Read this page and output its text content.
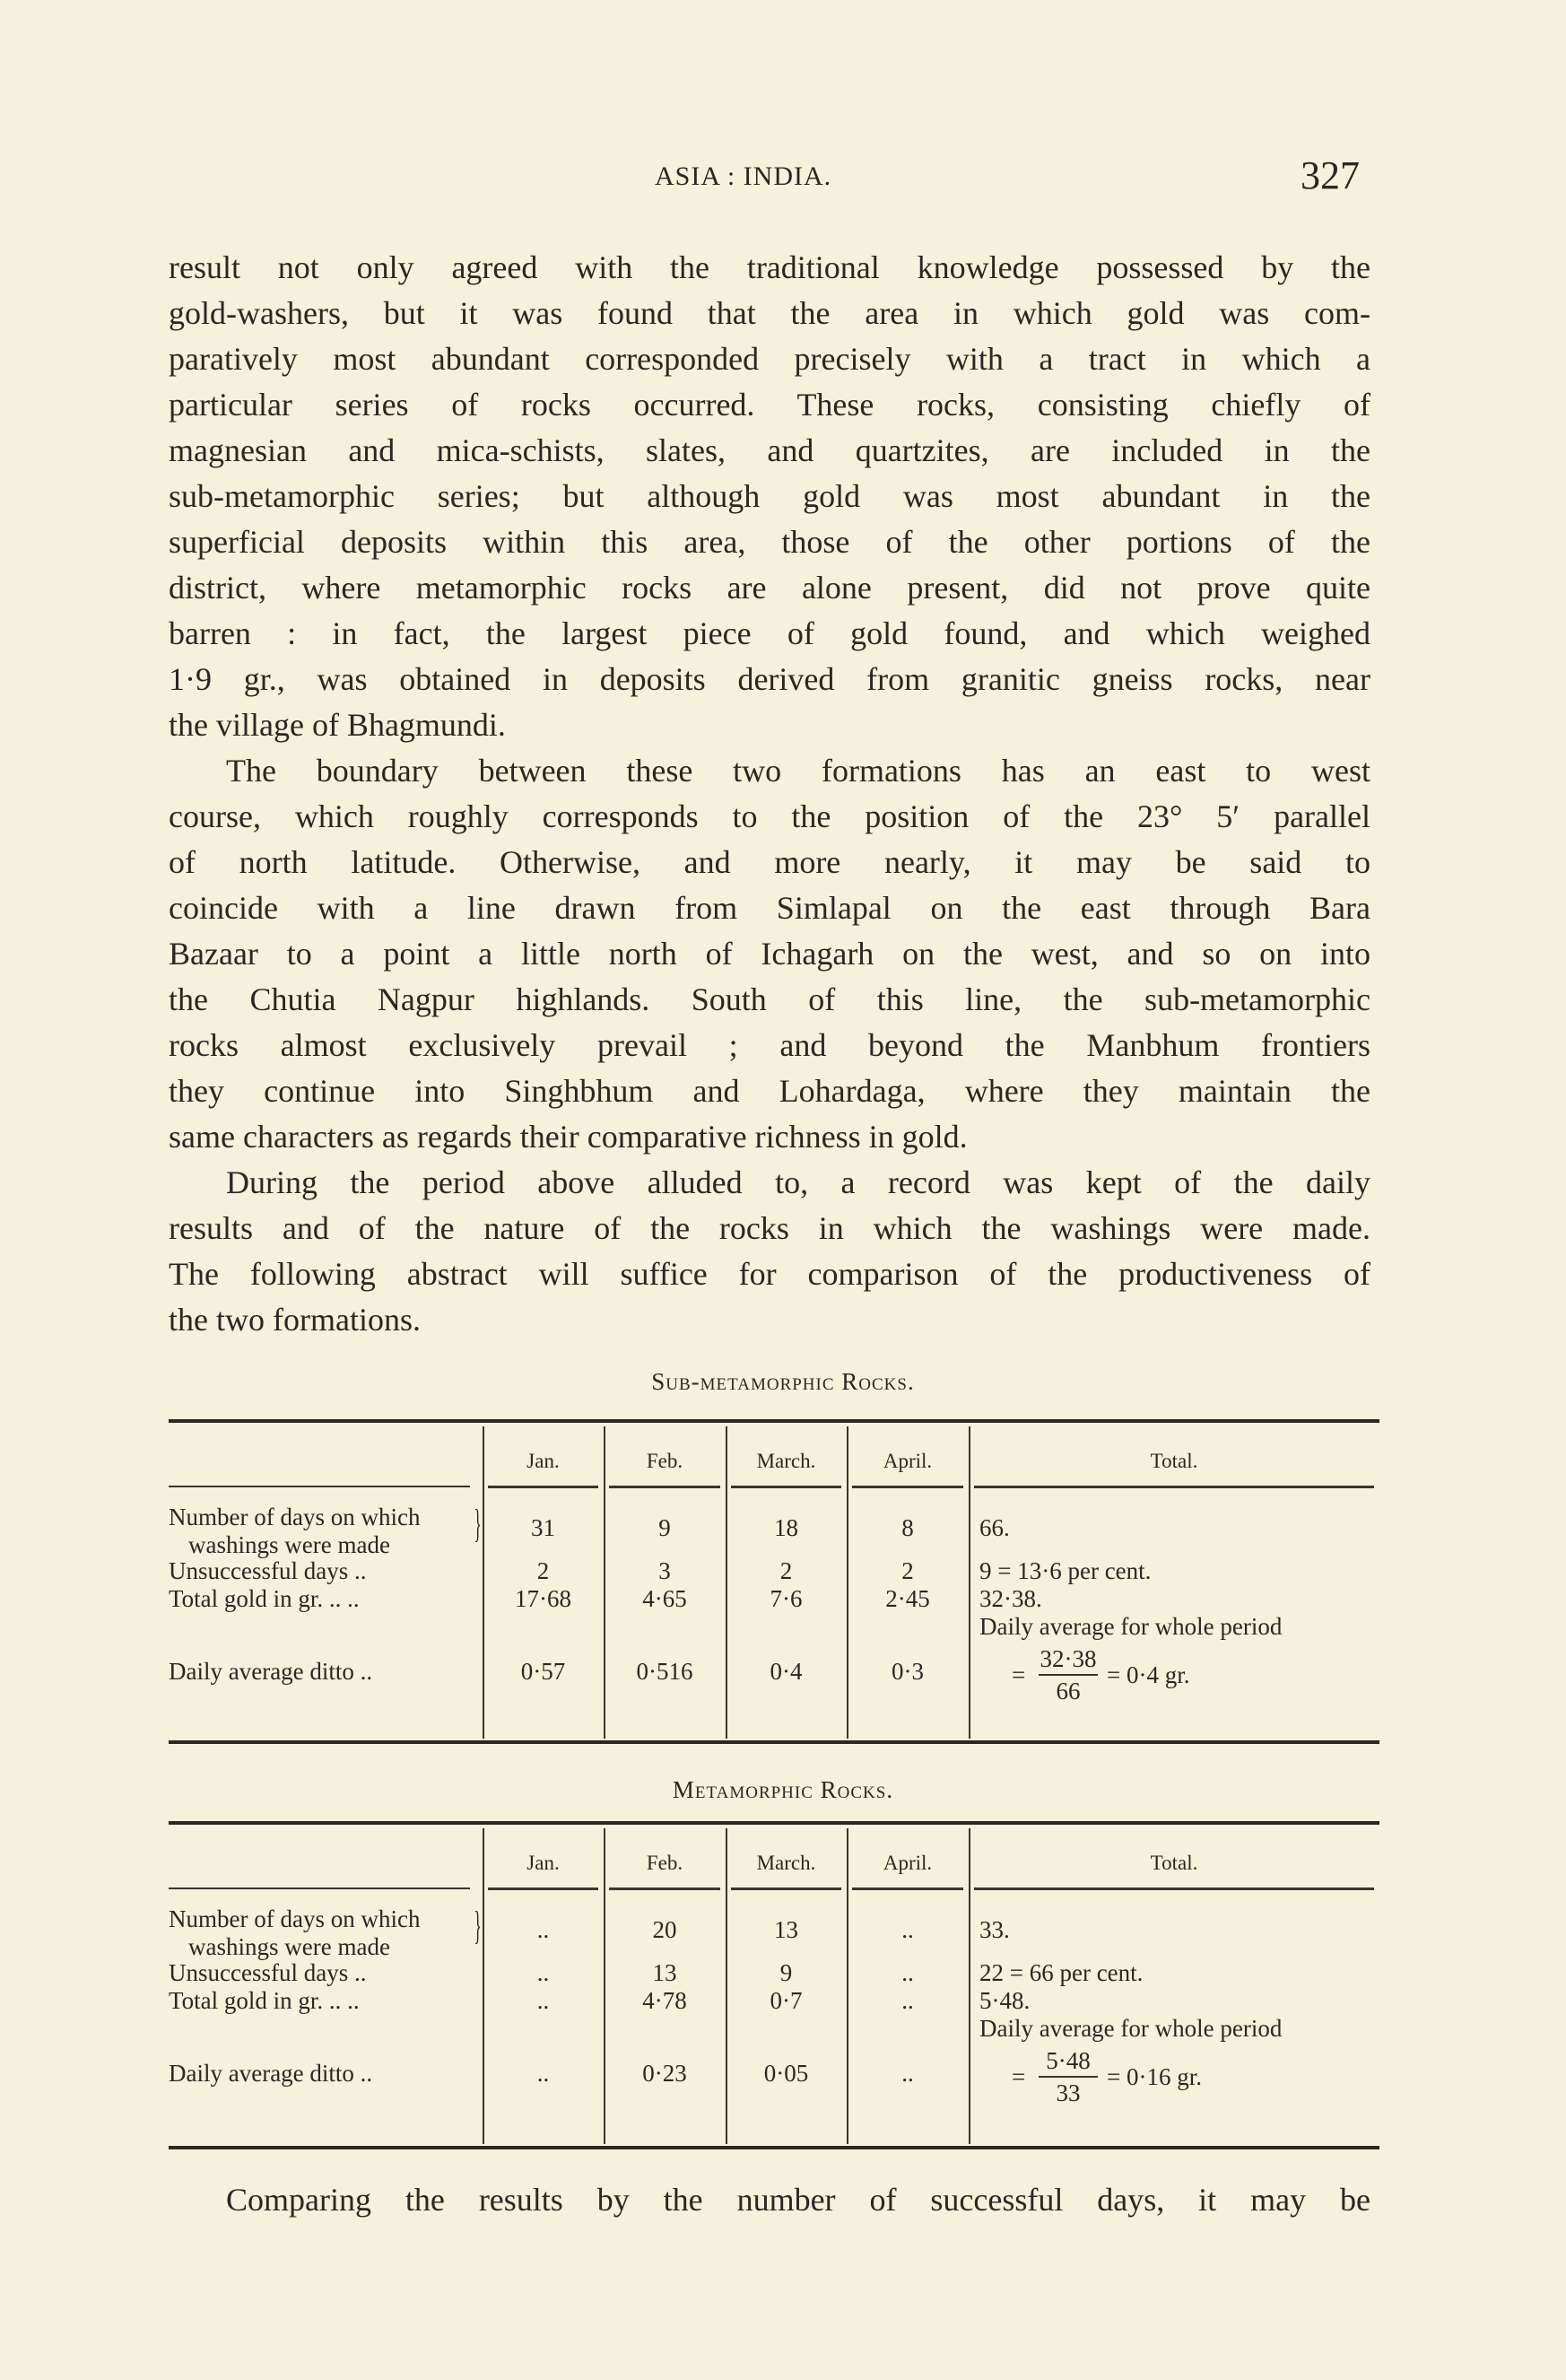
ASIA : INDIA.	327
result not only agreed with the traditional knowledge possessed by the
gold-washers, but it was found that the area in which gold was com-
paratively most abundant corresponded precisely with a tract in which a
particular series of rocks occurred. These rocks, consisting chiefly of
magnesian and mica-schists, slates, and quartzites, are included in the
sub-metamorphic series; but although gold was most abundant in the
superficial deposits within this area, those of the other portions of the
district, where metamorphic rocks are alone present, did not prove quite
barren : in fact, the largest piece of gold found, and which weighed
1·9 gr., was obtained in deposits derived from granitic gneiss rocks, near
the village of Bhagmundi.
The boundary between these two formations has an east to west
course, which roughly corresponds to the position of the 23° 5′ parallel
of north latitude. Otherwise, and more nearly, it may be said to
coincide with a line drawn from Simlapal on the east through Bara
Bazaar to a point a little north of Ichagarh on the west, and so on into
the Chutia Nagpur highlands. South of this line, the sub-metamorphic
rocks almost exclusively prevail ; and beyond the Manbhum frontiers
they continue into Singhbhum and Lohardaga, where they maintain the
same characters as regards their comparative richness in gold.
During the period above alluded to, a record was kept of the daily
results and of the nature of the rocks in which the washings were made.
The following abstract will suffice for comparison of the productiveness of
the two formations.
Sub-metamorphic Rocks.
Jan.	Feb.	March.	April.	Total.
Number of days on which
washings were made }	31	9	18	8	66.
Unsuccessful days ..	2	3	2	2	9 = 13·6 per cent.
Total gold in gr. .. ..	17·68	4·65	7·6	2·45	32·38.
Daily average ditto ..	0·57	0·516	0·4	0·3
Daily average for whole period
=
32·38
66
= 0·4 gr.
Metamorphic Rocks.
Jan.	Feb.	March.	April.	Total.
Number of days on which
washings were made }	..	20	13	..	33.
Unsuccessful days ..	..	13	9	..	22 = 66 per cent.
Total gold in gr. .. ..	..	4·78	0·7	..	5·48.
Daily average ditto ..	..	0·23	0·05	..
Daily average for whole period
=
5·48
33
= 0·16 gr.
Comparing the results by the number of successful days, it may be
